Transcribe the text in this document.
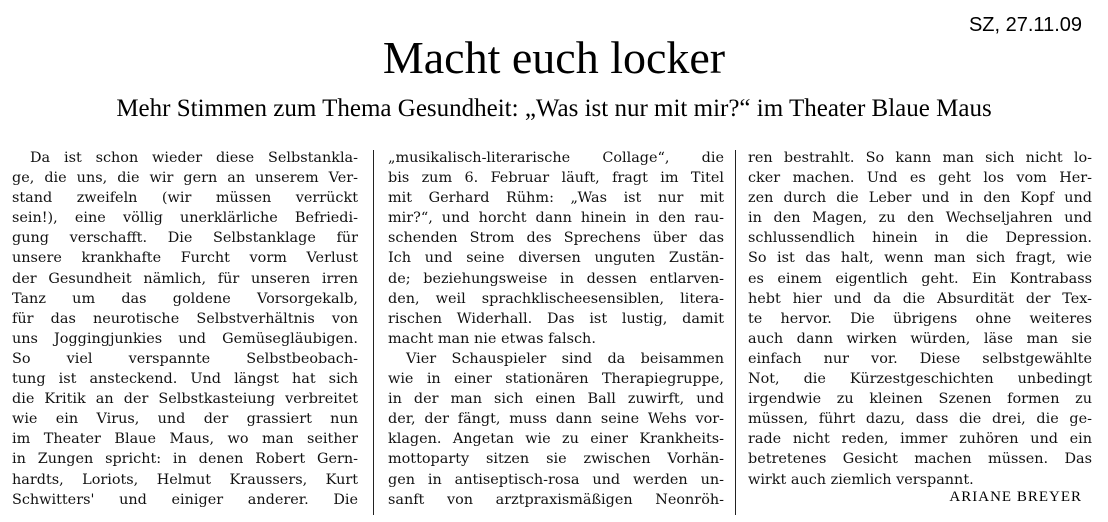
SZ, 27.11.09
Macht euch locker
Mehr Stimmen zum Thema Gesundheit: „Was ist nur mit mir?“ im Theater Blaue Maus
Da ist schon wieder diese Selbstankla-
ge, die uns, die wir gern an unserem Ver-
stand zweifeln (wir müssen verrückt
sein!), eine völlig unerklärliche Befriedi-
gung verschafft. Die Selbstanklage für
unsere krankhafte Furcht vorm Verlust
der Gesundheit nämlich, für unseren irren
Tanz um das goldene Vorsorgekalb,
für das neurotische Selbstverhältnis von
uns Joggingjunkies und Gemüsegläubigen.
So viel verspannte Selbstbeobach-
tung ist ansteckend. Und längst hat sich
die Kritik an der Selbstkasteiung verbreitet
wie ein Virus, und der grassiert nun
im Theater Blaue Maus, wo man seither
in Zungen spricht: in denen Robert Gern-
hardts, Loriots, Helmut Kraussers, Kurt
Schwitters' und einiger anderer. Die
„musikalisch-literarische Collage“, die
bis zum 6. Februar läuft, fragt im Titel
mit Gerhard Rühm: „Was ist nur mit
mir?“, und horcht dann hinein in den rau-
schenden Strom des Sprechens über das
Ich und seine diversen unguten Zustän-
de; beziehungsweise in dessen entlarven-
den, weil sprachklischeesensiblen, litera-
rischen Widerhall. Das ist lustig, damit
macht man nie etwas falsch.
Vier Schauspieler sind da beisammen
wie in einer stationären Therapiegruppe,
in der man sich einen Ball zuwirft, und
der, der fängt, muss dann seine Wehs vor-
klagen. Angetan wie zu einer Krankheits-
mottoparty sitzen sie zwischen Vorhän-
gen in antiseptisch-rosa und werden un-
sanft von arztpraxismäßigen Neonröh-
ren bestrahlt. So kann man sich nicht lo-
cker machen. Und es geht los vom Her-
zen durch die Leber und in den Kopf und
in den Magen, zu den Wechseljahren und
schlussendlich hinein in die Depression.
So ist das halt, wenn man sich fragt, wie
es einem eigentlich geht. Ein Kontrabass
hebt hier und da die Absurdität der Tex-
te hervor. Die übrigens ohne weiteres
auch dann wirken würden, läse man sie
einfach nur vor. Diese selbstgewählte
Not, die Kürzestgeschichten unbedingt
irgendwie zu kleinen Szenen formen zu
müssen, führt dazu, dass die drei, die ge-
rade nicht reden, immer zuhören und ein
betretenes Gesicht machen müssen. Das
wirkt auch ziemlich verspannt.
ARIANE BREYER
